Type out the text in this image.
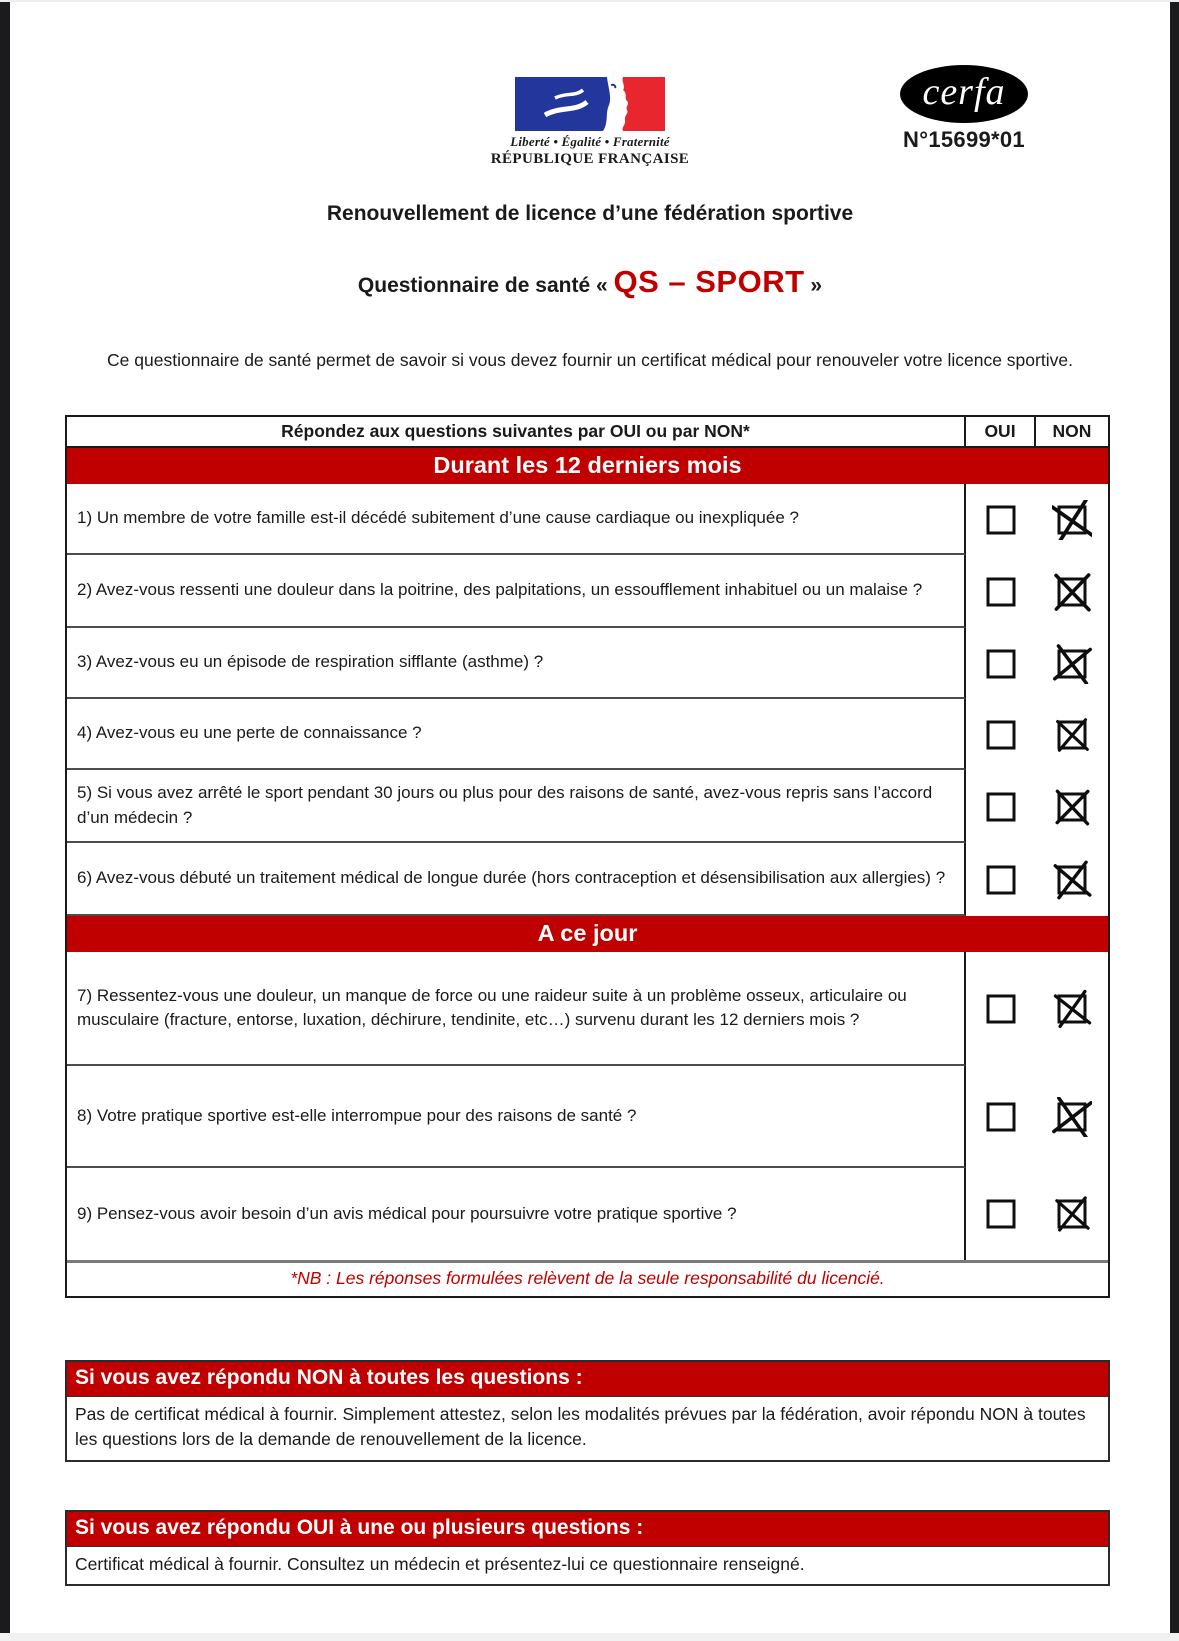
Liberté • Égalité • Fraternité
RÉPUBLIQUE FRANÇAISE
cerfa
N°15699*01
Renouvellement de licence d’une fédération sportive
Questionnaire de santé « QS – SPORT »
Ce questionnaire de santé permet de savoir si vous devez fournir un certificat médical pour renouveler votre licence sportive.
Répondez aux questions suivantes par OUI ou par NON*	OUI	NON
Durant les 12 derniers mois
1) Un membre de votre famille est-il décédé subitement d’une cause cardiaque ou inexpliquée ?
2) Avez-vous ressenti une douleur dans la poitrine, des palpitations, un essoufflement inhabituel ou un malaise ?
3) Avez-vous eu un épisode de respiration sifflante (asthme) ?
4) Avez-vous eu une perte de connaissance ?
5) Si vous avez arrêté le sport pendant 30 jours ou plus pour des raisons de santé, avez-vous repris sans l’accord d’un médecin ?
6) Avez-vous débuté un traitement médical de longue durée (hors contraception et désensibilisation aux allergies) ?
A ce jour
7) Ressentez-vous une douleur, un manque de force ou une raideur suite à un problème osseux, articulaire ou musculaire (fracture, entorse, luxation, déchirure, tendinite, etc…) survenu durant les 12 derniers mois ?
8) Votre pratique sportive est-elle interrompue pour des raisons de santé ?
9) Pensez-vous avoir besoin d’un avis médical pour poursuivre votre pratique sportive ?
*NB : Les réponses formulées relèvent de la seule responsabilité du licencié.
Si vous avez répondu NON à toutes les questions :
Pas de certificat médical à fournir. Simplement attestez, selon les modalités prévues par la fédération, avoir répondu NON à toutes les questions lors de la demande de renouvellement de la licence.
Si vous avez répondu OUI à une ou plusieurs questions :
Certificat médical à fournir. Consultez un médecin et présentez-lui ce questionnaire renseigné.
